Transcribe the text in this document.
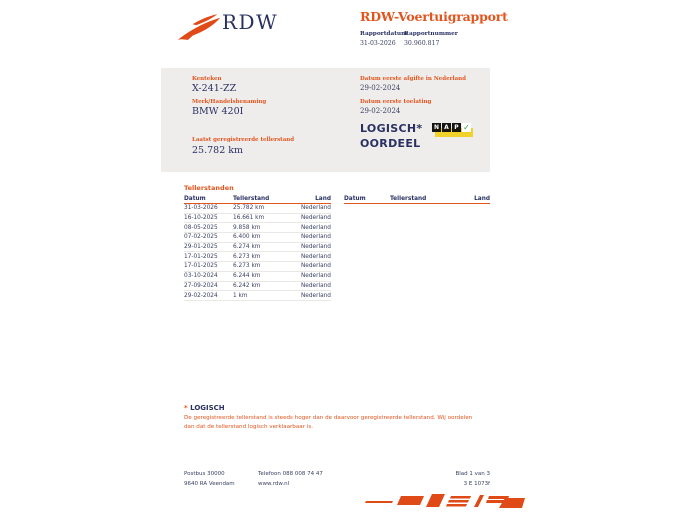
RDW	RDW-Voertuigrapport
Rapportdatum
31-03-2026
Rapportnummer
30.960.817
Kenteken
X-241-ZZ
Merk/Handelsbenaming
BMW 420I
Laatst geregistreerde tellerstand
25.782 km
Datum eerste afgifte in Nederland
29-02-2024
Datum eerste toelating
29-02-2024
LOGISCH*
OORDEEL
N A P ✓
Tellerstanden
Datum	Tellerstand	Land
31-03-2026	25.782 km	Nederland
16-10-2025	16.661 km	Nederland
08-05-2025	9.858 km	Nederland
07-02-2025	6.400 km	Nederland
29-01-2025	6.274 km	Nederland
17-01-2025	6.273 km	Nederland
17-01-2025	6.273 km	Nederland
03-10-2024	6.244 km	Nederland
27-09-2024	6.242 km	Nederland
29-02-2024	1 km	Nederland
Datum	Tellerstand	Land
* LOGISCH
De geregistreerde tellerstand is steeds hoger dan de daarvoor geregistreerde tellerstand. Wij oordelen dan dat de tellerstand logisch verklaarbaar is.
Postbus 30000
9640 RA Veendam
Telefoon 088 008 74 47
www.rdw.nl
Blad 1 van 3
3 E 1073f
